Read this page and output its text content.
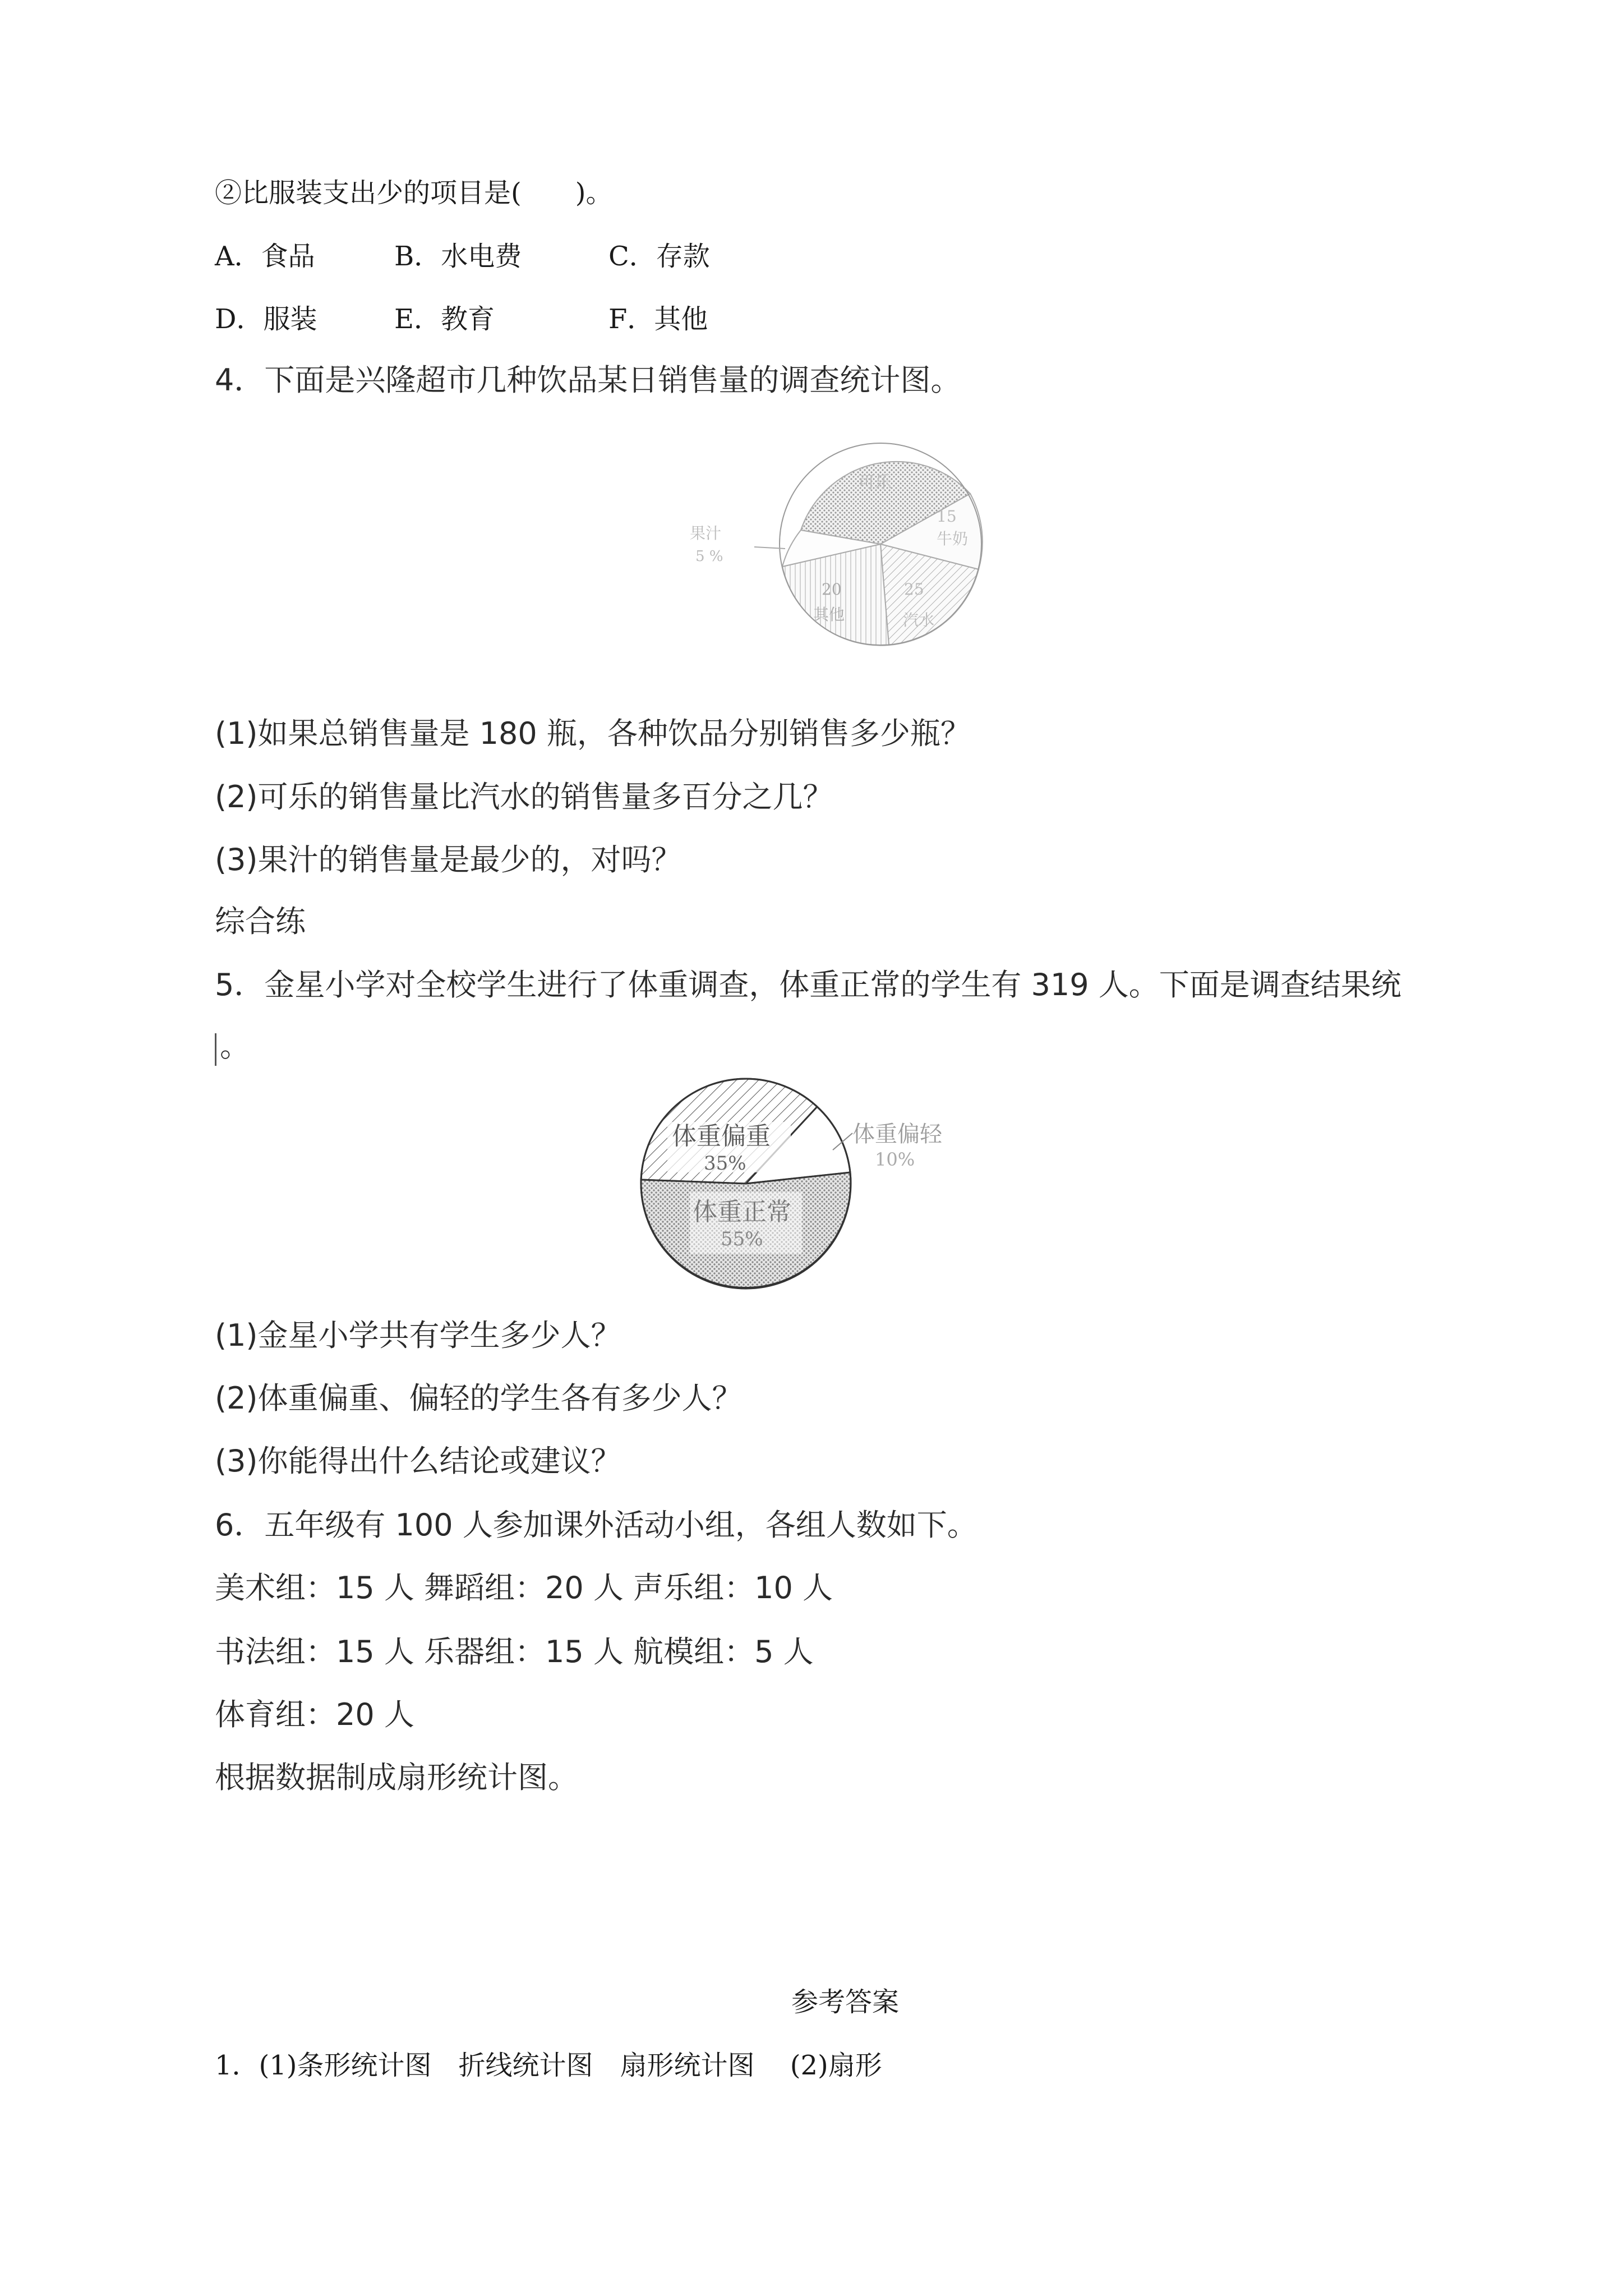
②比服装支出少的项目是(　　)。
A．食品	B．水电费	C．存款
D．服装	E．教育	F．其他
4．下面是兴隆超市几种饮品某日销售量的调查统计图。
可乐
15
牛奶
25
汽水
20
其他
果汁
5 %
(1)如果总销售量是 180 瓶，各种饮品分别销售多少瓶？
(2)可乐的销售量比汽水的销售量多百分之几？
(3)果汁的销售量是最少的，对吗？
综合练
5．金星小学对全校学生进行了体重调查，体重正常的学生有 319 人。下面是调查结果统
。
体重偏重
35%
体重偏轻
10%
体重正常
55%
(1)金星小学共有学生多少人？
(2)体重偏重、偏轻的学生各有多少人？
(3)你能得出什么结论或建议？
6．五年级有 100 人参加课外活动小组，各组人数如下。
美术组：15 人 舞蹈组：20 人 声乐组：10 人
书法组：15 人 乐器组：15 人 航模组：5 人
体育组：20 人
根据数据制成扇形统计图。
参考答案
1．(1)条形统计图　折线统计图　扇形统计图　 (2)扇形
